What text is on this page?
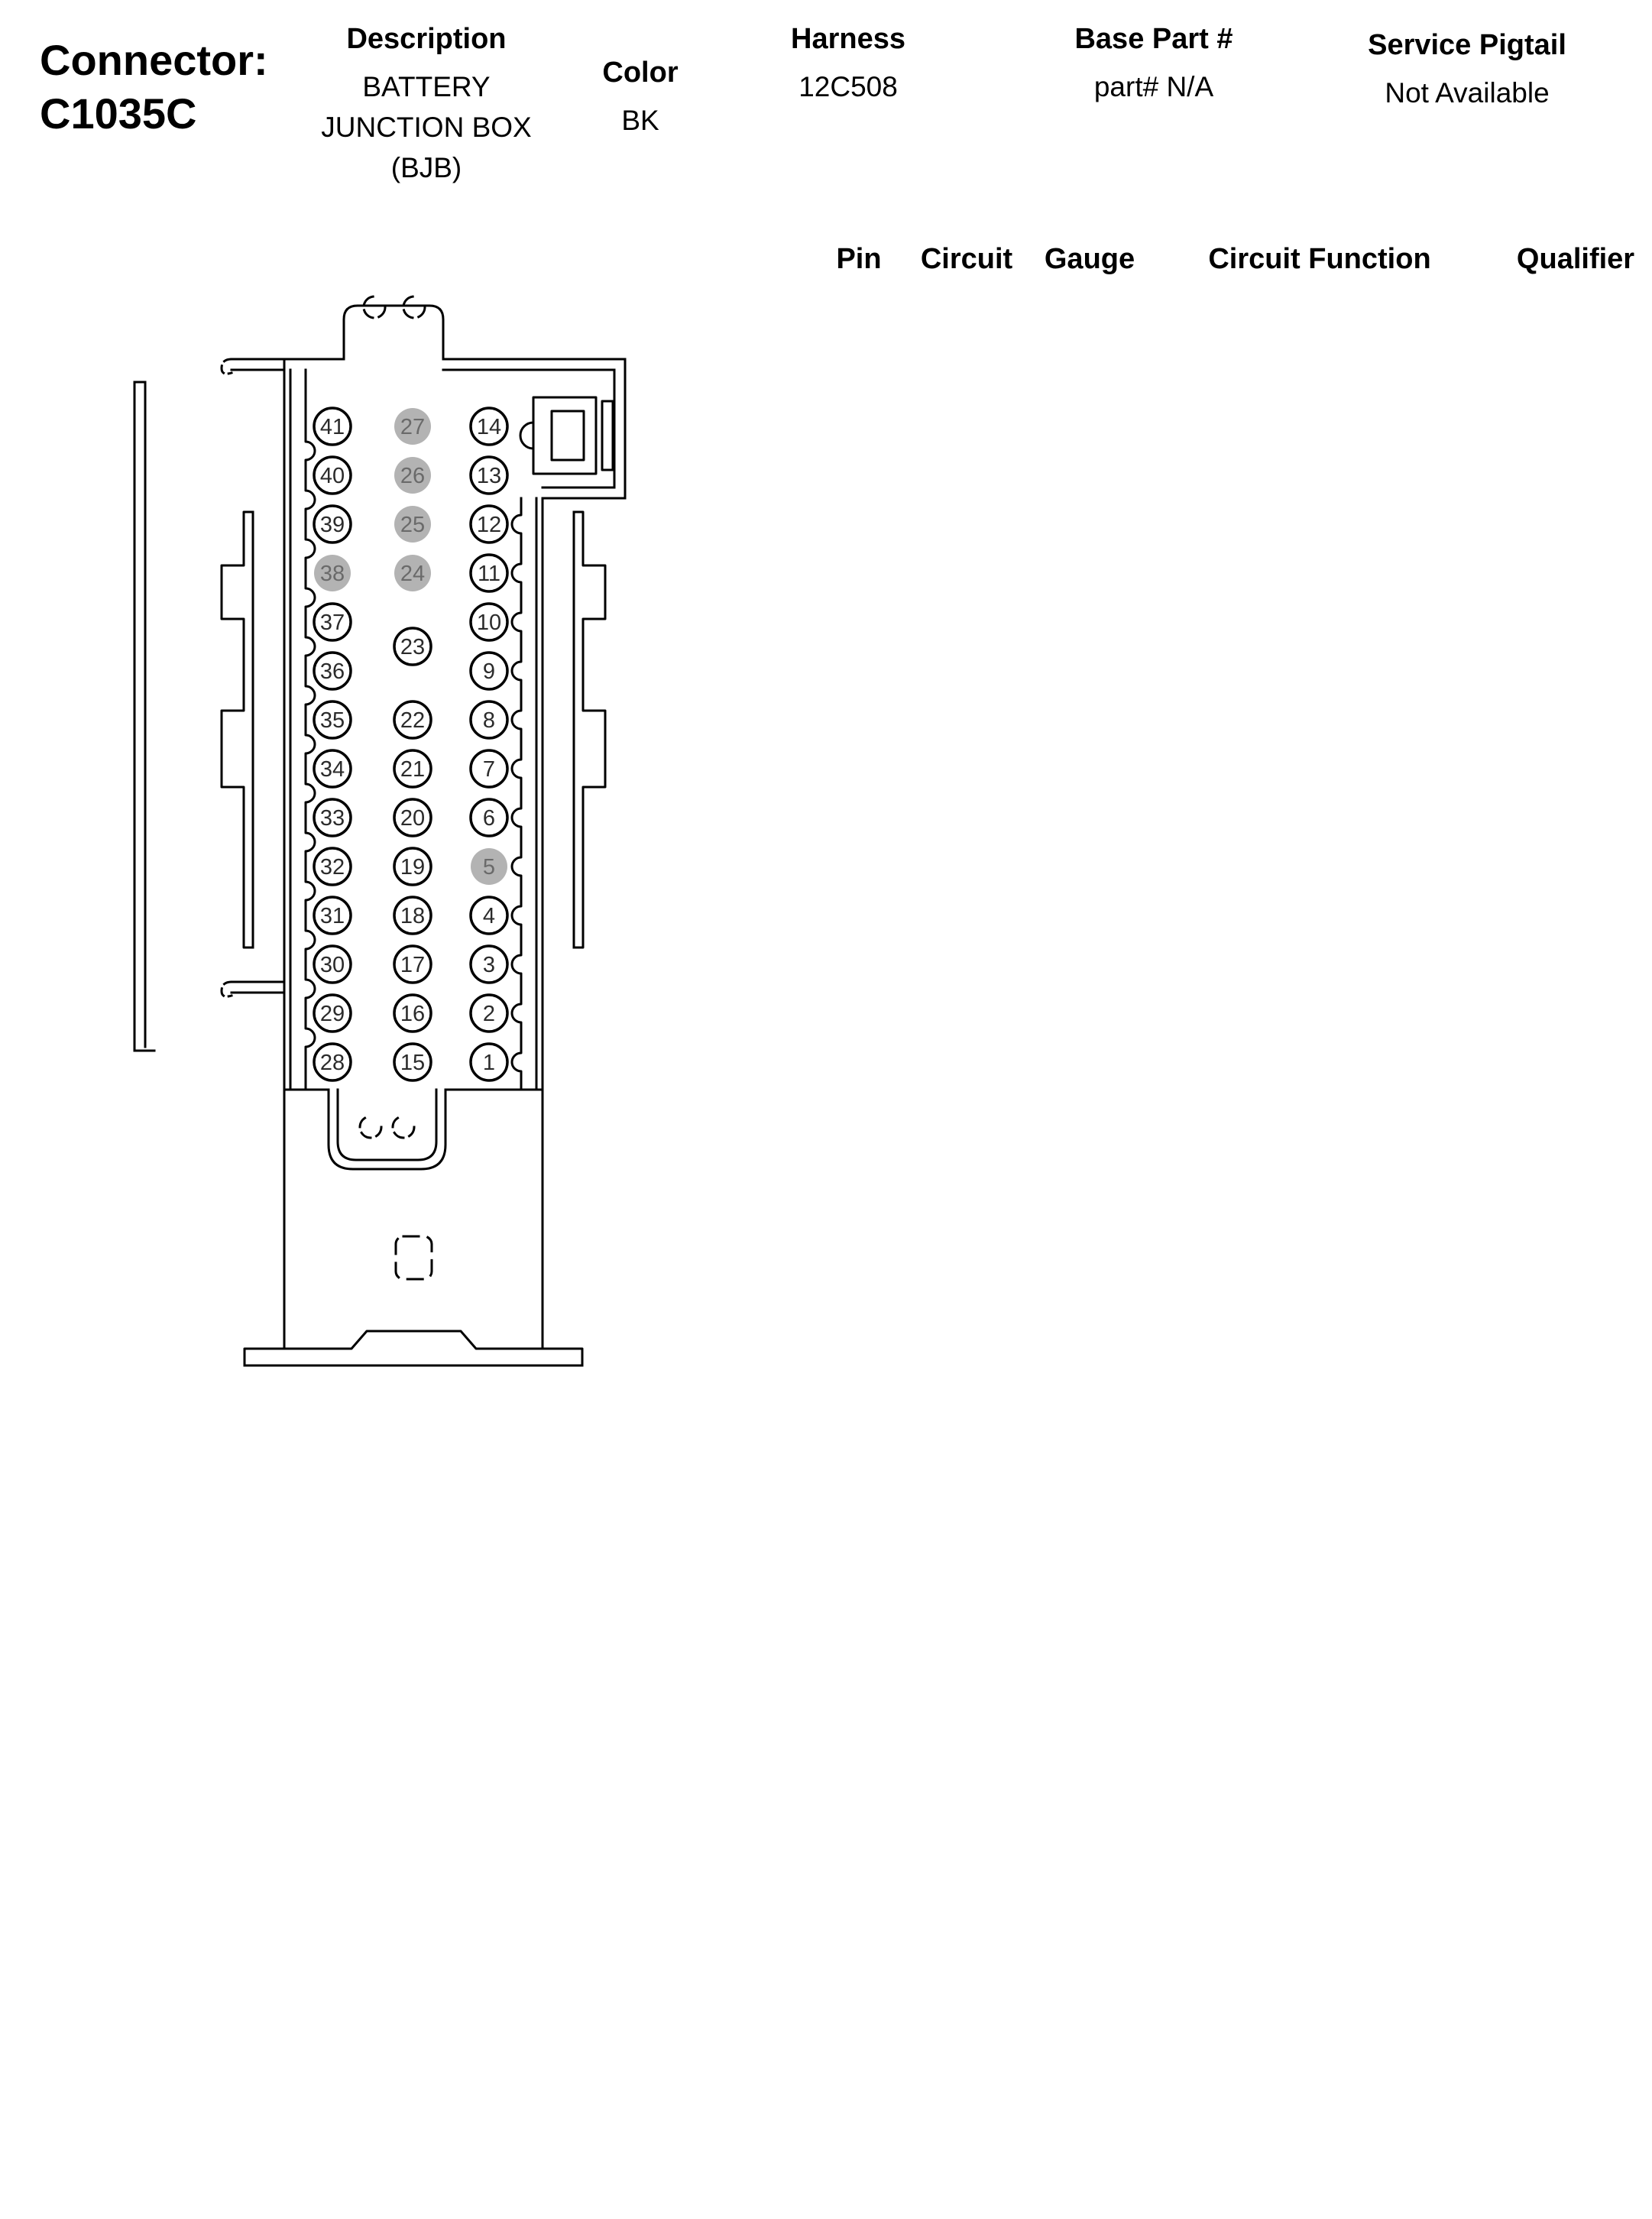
Connector:
C1035C
Description
BATTERY
JUNCTION BOX
(BJB)
Color
BK
Harness
12C508
Base Part #
part# N/A
Service Pigtail
Not Available
41
40
39
38
37
36
35
34
33
32
31
30
29
28
14
13
12
11
10
9
8
7
6
5
4
3
2
1
27
26
25
24
23
22
21
20
19
18
17
16
15
Pin	Circuit	Gauge	Circuit Function	Qualifier
